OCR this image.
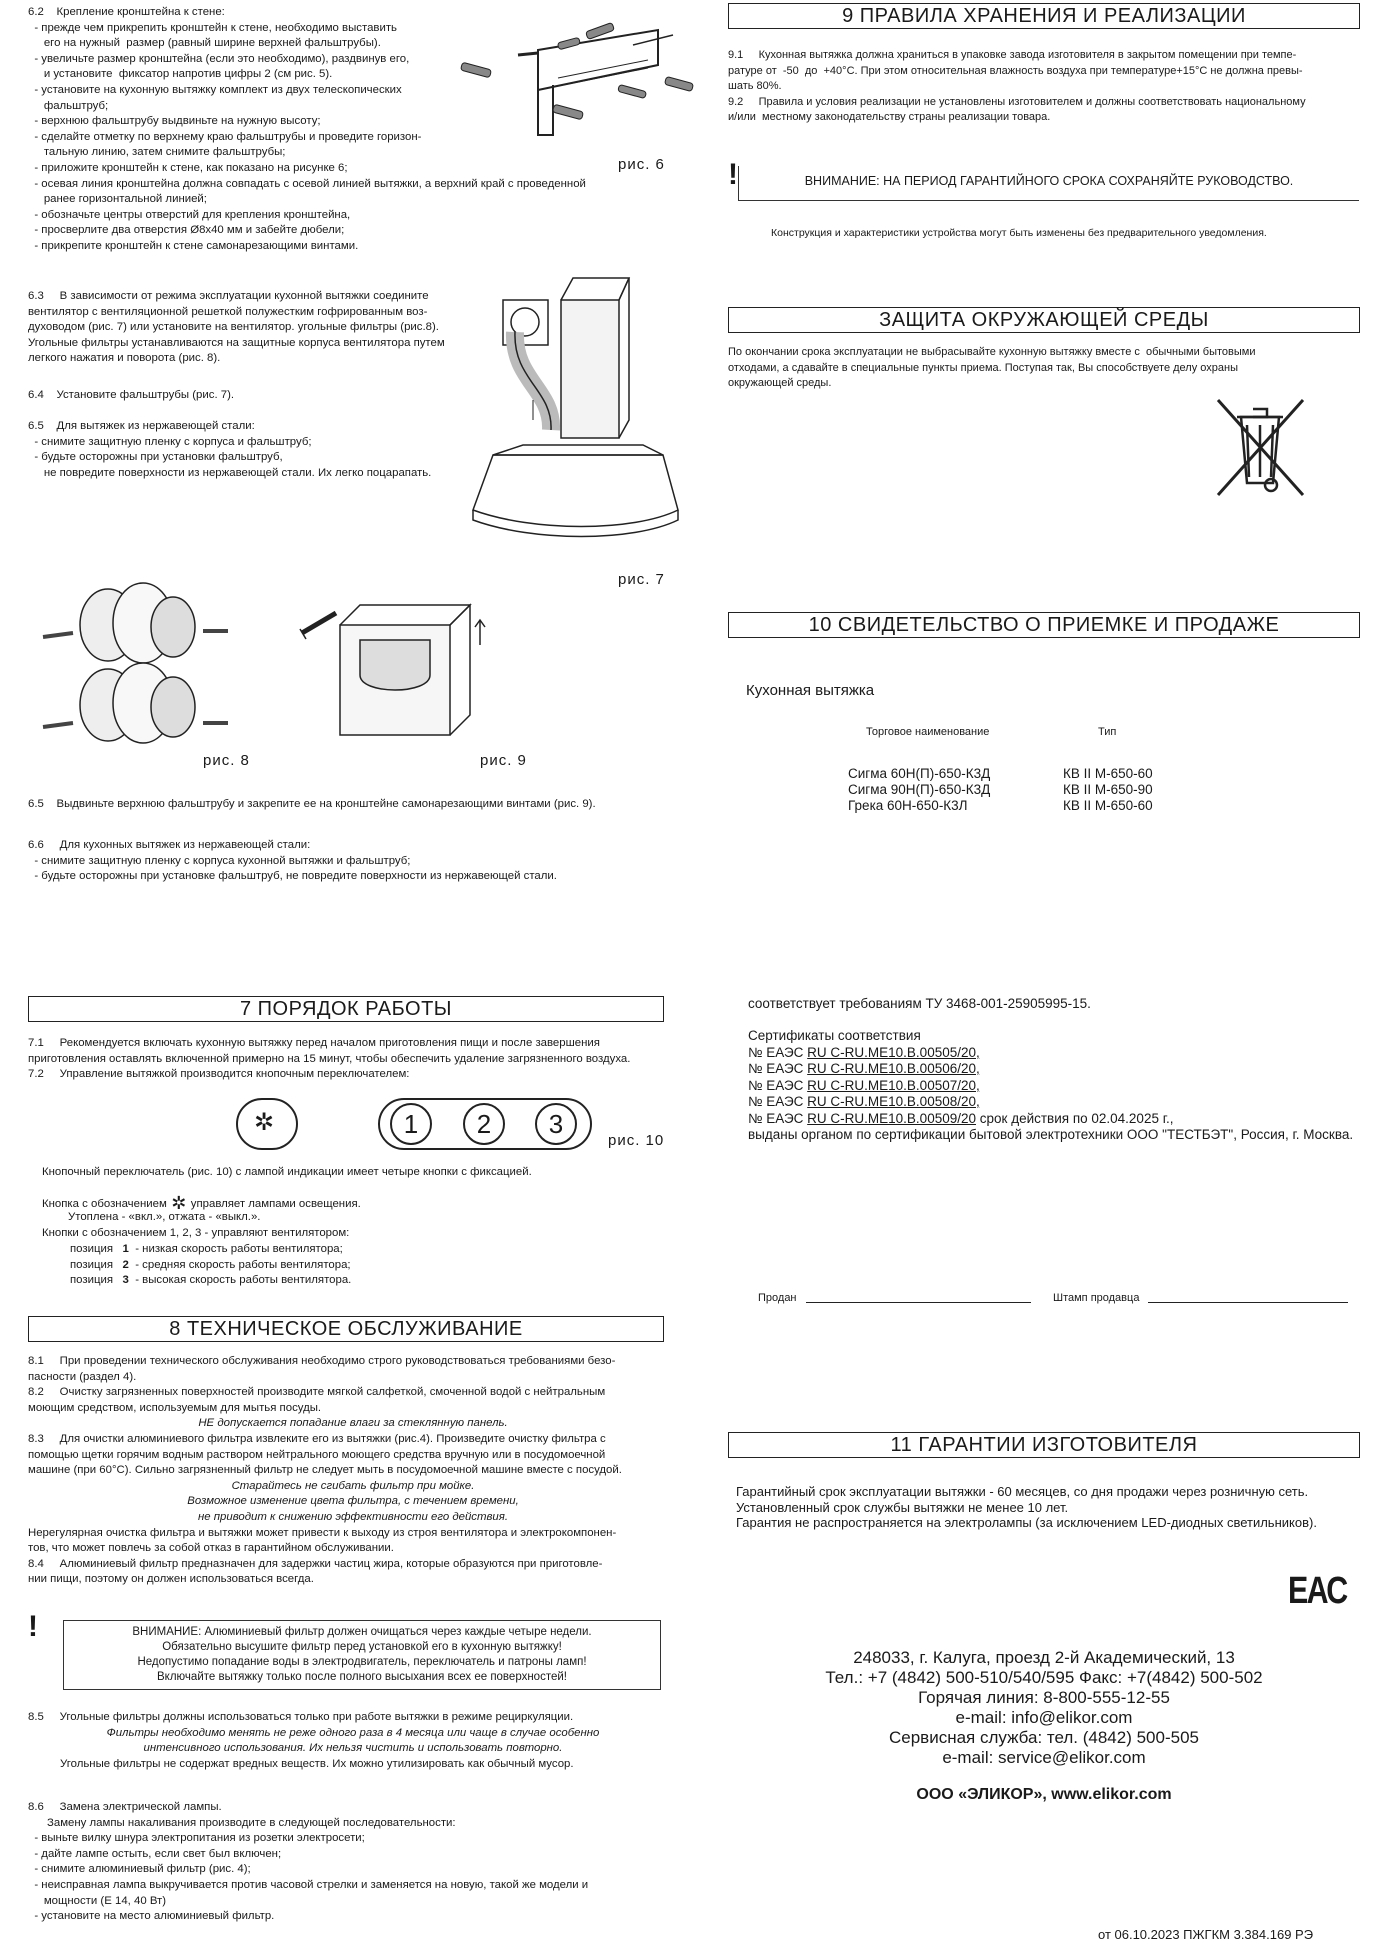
6.2    Крепление кронштейна к стене:

- прежде чем прикрепить кронштейн к стене, необходимо выставить

его на нужный  размер (равный ширине верхней фальштрубы).

- увеличьте размер кронштейна (если это необходимо), раздвинув его,

и установите  фиксатор напротив цифры 2 (см рис. 5).

- установите на кухонную вытяжку комплект из двух телескопических

фальштруб;

- верхнюю фальштрубу выдвиньте на нужную высоту;

- сделайте отметку по верхнему краю фальштрубы и проведите горизон-

тальную линию, затем снимите фальштрубы;

- приложите кронштейн к стене, как показано на рисунке 6;

- осевая линия кронштейна должна совпадать с осевой линией вытяжки, а верхний край с проведенной

ранее горизонтальной линией;

- обозначьте центры отверстий для крепления кронштейна,

- просверлите два отверстия Ø8х40 мм и забейте дюбели;

- прикрепите кронштейн к стене самонарезающими винтами.

рис. 6

6.3     В зависимости от режима эксплуатации кухонной вытяжки соедините

вентилятор с вентиляционной решеткой полужестким гофрированным воз-

духоводом (рис. 7) или установите на вентилятор. угольные фильтры (рис.8).

Угольные фильтры устанавливаются на защитные корпуса вентилятора путем

легкого нажатия и поворота (рис. 8).

6.4    Установите фальштрубы (рис. 7).

6.5    Для вытяжек из нержавеющей стали:

- снимите защитную пленку с корпуса и фальштруб;

- будьте осторожны при установки фальштруб,

не повредите поверхности из нержавеющей стали. Их легко поцарапать.

рис. 7
рис. 8	рис. 9

6.5    Выдвиньте верхнюю фальштрубу и закрепите ее на кронштейне самонарезающими винтами (рис. 9).

6.6     Для кухонных вытяжек из нержавеющей стали:

- снимите защитную пленку с корпуса кухонной вытяжки и фальштруб;

- будьте осторожны при установке фальштруб, не повредите поверхности из нержавеющей стали.

7 ПОРЯДОК РАБОТЫ

7.1     Рекомендуется включать кухонную вытяжку перед началом приготовления пищи и после завершения

приготовления оставлять включенной примерно на 15 минут, чтобы обеспечить удаление загрязненного воздуха.

7.2     Управление вытяжкой производится кнопочным переключателем:

✲	1	2	3
рис. 10

Кнопочный переключатель (рис. 10) с лампой индикации имеет четыре кнопки с фиксацией.

Кнопка с обозначением ✲ управляет лампами освещения.

Утоплена - «вкл.», отжата - «выкл.».

Кнопки с обозначением 1, 2, 3 - управляют вентилятором:

позиция 1 - низкая скорость работы вентилятора;

позиция 2 - средняя скорость работы вентилятора;

позиция 3 - высокая скорость работы вентилятора.

8 ТЕХНИЧЕСКОЕ ОБСЛУЖИВАНИЕ

8.1     При проведении технического обслуживания необходимо строго руководствоваться требованиями безо-

пасности (раздел 4).

8.2     Очистку загрязненных поверхностей производите мягкой салфеткой, смоченной водой с нейтральным

моющим средством, используемым для мытья посуды.

НЕ допускается попадание влаги за стеклянную панель.

8.3     Для очистки алюминиевого фильтра извлеките его из вытяжки (рис.4). Произведите очистку фильтра с

помощью щетки горячим водным раствором нейтрального моющего средства вручную или в посудомоечной

машине (при 60°С). Сильно загрязненный фильтр не следует мыть в посудомоечной машине вместе с посудой.

Старайтесь не сгибать фильтр при мойке.

Возможное изменение цвета фильтра, с течением времени,

не приводит к снижению эффективности его действия.

Нерегулярная очистка фильтра и вытяжки может привести к выходу из строя вентилятора и электрокомпонен-

тов, что может повлечь за собой отказ в гарантийном обслуживании.

8.4     Алюминиевый фильтр предназначен для задержки частиц жира, которые образуются при приготовле-

нии пищи, поэтому он должен использоваться всегда.

!	ВНИМАНИЕ: Алюминиевый фильтр должен очищаться через каждые четыре недели.
Обязательно высушите фильтр перед установкой его в кухонную вытяжку!
Недопустимо попадание воды в электродвигатель, переключатель и патроны ламп!
Включайте вытяжку только после полного высыхания всех ее поверхностей!

8.5     Угольные фильтры должны использоваться только при работе вытяжки в режиме рециркуляции.

Фильтры необходимо менять не реже одного раза в 4 месяца или чаще в случае особенно

интенсивного использования. Их нельзя чистить и использовать повторно.

Угольные фильтры не содержат вредных веществ. Их можно утилизировать как обычный мусор.

8.6     Замена электрической лампы.

Замену лампы накаливания производите в следующей последовательности:

- выньте вилку шнура электропитания из розетки электросети;

- дайте лампе остыть, если свет был включен;

- снимите алюминиевый фильтр (рис. 4);

- неисправная лампа выкручивается против часовой стрелки и заменяется на новую, такой же модели и

мощности (Е 14, 40 Вт)

- установите на место алюминиевый фильтр.

9 ПРАВИЛА ХРАНЕНИЯ И РЕАЛИЗАЦИИ

9.1     Кухонная вытяжка должна храниться в упаковке завода изготовителя в закрытом помещении при темпе-

ратуре от  -50  до  +40°С. При этом относительная влажность воздуха при температуре+15°С не должна превы-

шать 80%.

9.2     Правила и условия реализации не установлены изготовителем и должны соответствовать национальному

и/или  местному законодательству страны реализации товара.

!	ВНИМАНИЕ: НА ПЕРИОД ГАРАНТИЙНОГО СРОКА СОХРАНЯЙТЕ РУКОВОДСТВО.

Конструкция и характеристики устройства могут быть изменены без предварительного уведомления.

ЗАЩИТА ОКРУЖАЮЩЕЙ СРЕДЫ

По окончании срока эксплуатации не выбрасывайте кухонную вытяжку вместе с  обычными бытовыми

отходами, а сдавайте в специальные пункты приема. Поступая так, Вы способствуете делу охраны

окружающей среды.

10 СВИДЕТЕЛЬСТВО О ПРИЕМКЕ И ПРОДАЖЕ
Кухонная вытяжка
Торговое наименование	Тип
Сигма 60Н(П)-650-К3Д	КВ II М-650-60
Сигма 90Н(П)-650-К3Д	КВ II М-650-90
Грека 60Н-650-К3Л	КВ II М-650-60
соответствует требованиям ТУ 3468-001-25905995-15.
Сертификаты соответствия
№ ЕАЭС RU С-RU.МЕ10.В.00505/20,
№ ЕАЭС RU С-RU.МЕ10.В.00506/20,
№ ЕАЭС RU С-RU.МЕ10.В.00507/20,
№ ЕАЭС RU С-RU.МЕ10.В.00508/20,
№ ЕАЭС RU С-RU.МЕ10.В.00509/20 срок действия по 02.04.2025 г.,
выданы органом по сертификации бытовой электротехники ООО "ТЕСТБЭТ", Россия, г. Москва.
Продан	Штамп продавца
11 ГАРАНТИИ ИЗГОТОВИТЕЛЯ
Гарантийный срок эксплуатации вытяжки - 60 месяцев, со дня продажи через розничную сеть.
Установленный срок службы вытяжки не менее 10 лет.
Гарантия не распространяется на электролампы (за исключением LED-диодных светильников).
ЕАС
248033, г. Калуга, проезд 2-й Академический, 13
Тел.: +7 (4842) 500-510/540/595 Факс: +7(4842) 500-502
Горячая линия: 8-800-555-12-55
e-mail: info@elikor.com
Сервисная служба: тел. (4842) 500-505
e-mail: service@elikor.com
ООО «ЭЛИКОР», www.elikor.com
от 06.10.2023 ПЖГКМ 3.384.169 РЭ
